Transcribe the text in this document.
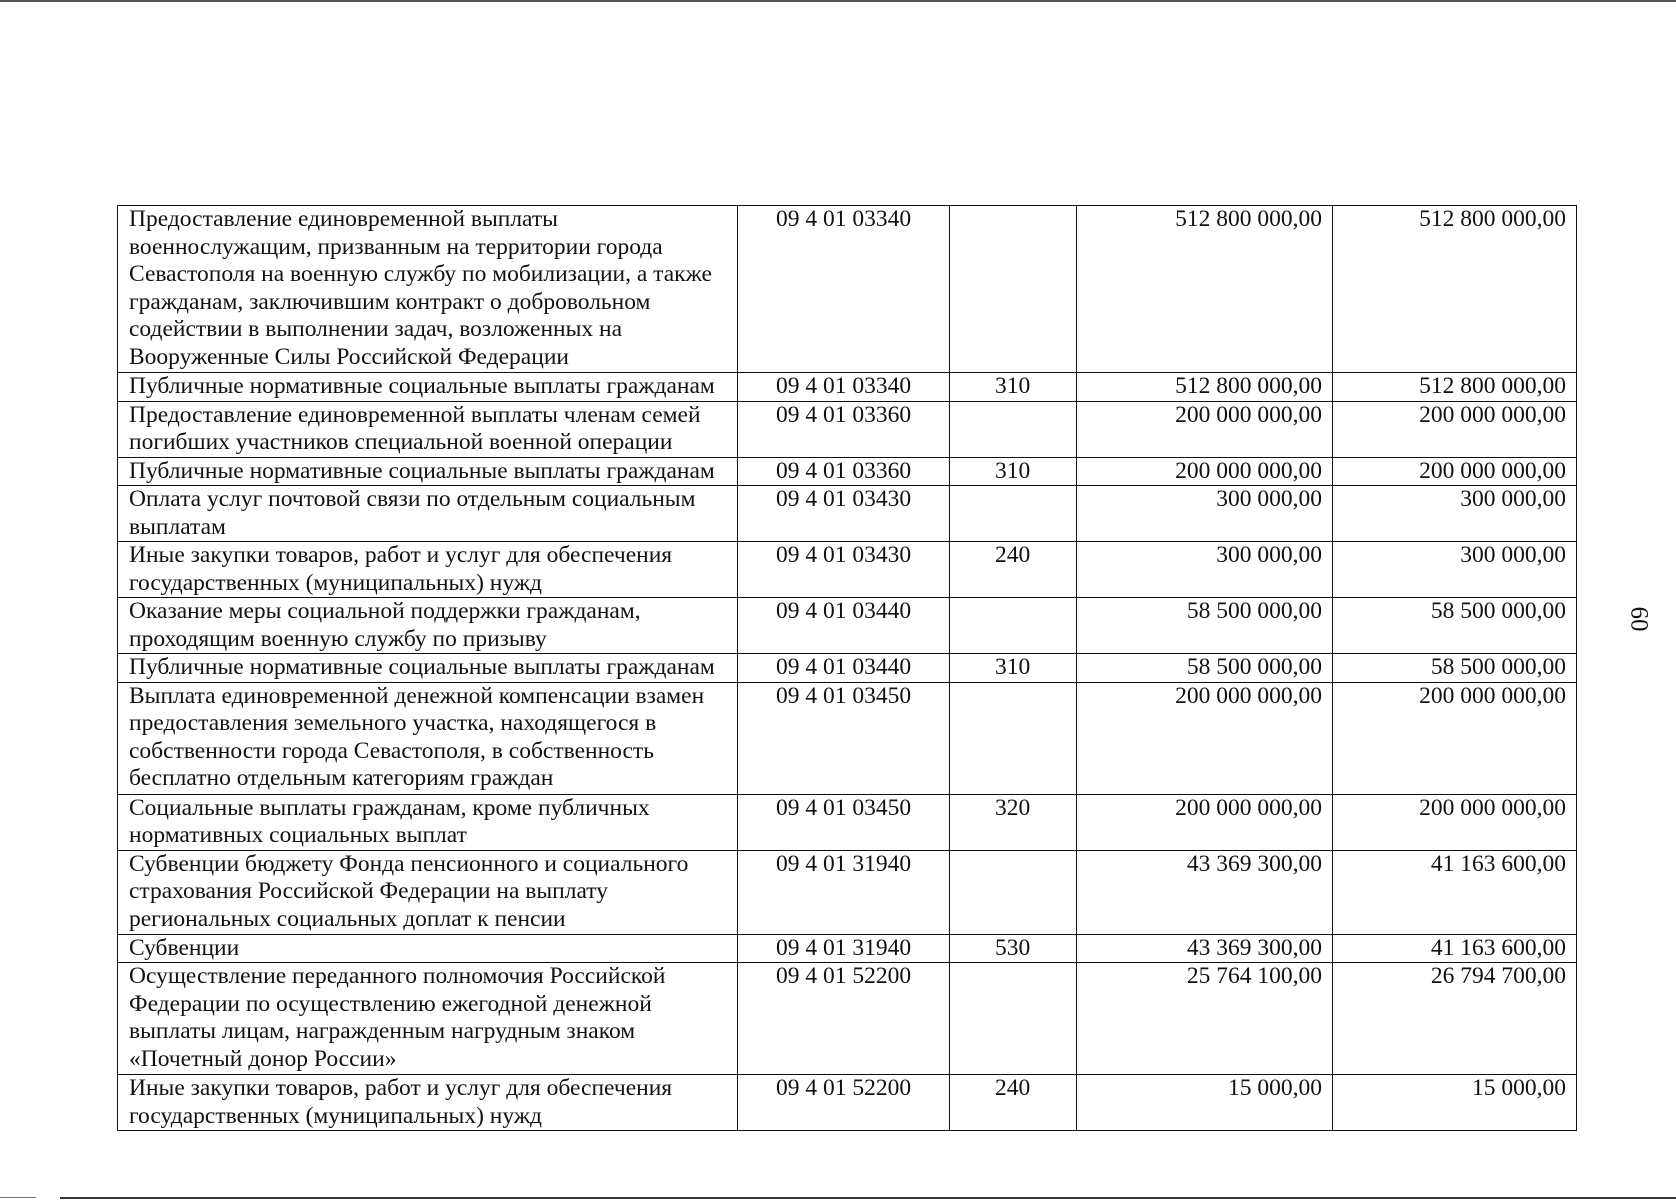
Предоставление единовременной выплаты военнослужащим, призванным на территории города Севастополя на военную службу по мобилизации, а также гражданам, заключившим контракт о добровольном содействии в выполнении задач, возложенных на Вооруженные Силы Российской Федерации	09 4 01 03340		512 800 000,00	512 800 000,00
Публичные нормативные социальные выплаты гражданам	09 4 01 03340	310	512 800 000,00	512 800 000,00
Предоставление единовременной выплаты членам семей погибших участников специальной военной операции	09 4 01 03360		200 000 000,00	200 000 000,00
Публичные нормативные социальные выплаты гражданам	09 4 01 03360	310	200 000 000,00	200 000 000,00
Оплата услуг почтовой связи по отдельным социальным выплатам	09 4 01 03430		300 000,00	300 000,00
Иные закупки товаров, работ и услуг для обеспечения государственных (муниципальных) нужд	09 4 01 03430	240	300 000,00	300 000,00
Оказание меры социальной поддержки гражданам, проходящим военную службу по призыву	09 4 01 03440		58 500 000,00	58 500 000,00
Публичные нормативные социальные выплаты гражданам	09 4 01 03440	310	58 500 000,00	58 500 000,00
Выплата единовременной денежной компенсации взамен предоставления земельного участка, находящегося в собственности города Севастополя, в собственность бесплатно отдельным категориям граждан	09 4 01 03450		200 000 000,00	200 000 000,00
Социальные выплаты гражданам, кроме публичных нормативных социальных выплат	09 4 01 03450	320	200 000 000,00	200 000 000,00
Субвенции бюджету Фонда пенсионного и социального страхования Российской Федерации на выплату региональных социальных доплат к пенсии	09 4 01 31940		43 369 300,00	41 163 600,00
Субвенции	09 4 01 31940	530	43 369 300,00	41 163 600,00
Осуществление переданного полномочия Российской Федерации по осуществлению ежегодной денежной выплаты лицам, награжденным нагрудным знаком «Почетный донор России»	09 4 01 52200		25 764 100,00	26 794 700,00
Иные закупки товаров, работ и услуг для обеспечения государственных (муниципальных) нужд	09 4 01 52200	240	15 000,00	15 000,00
60
